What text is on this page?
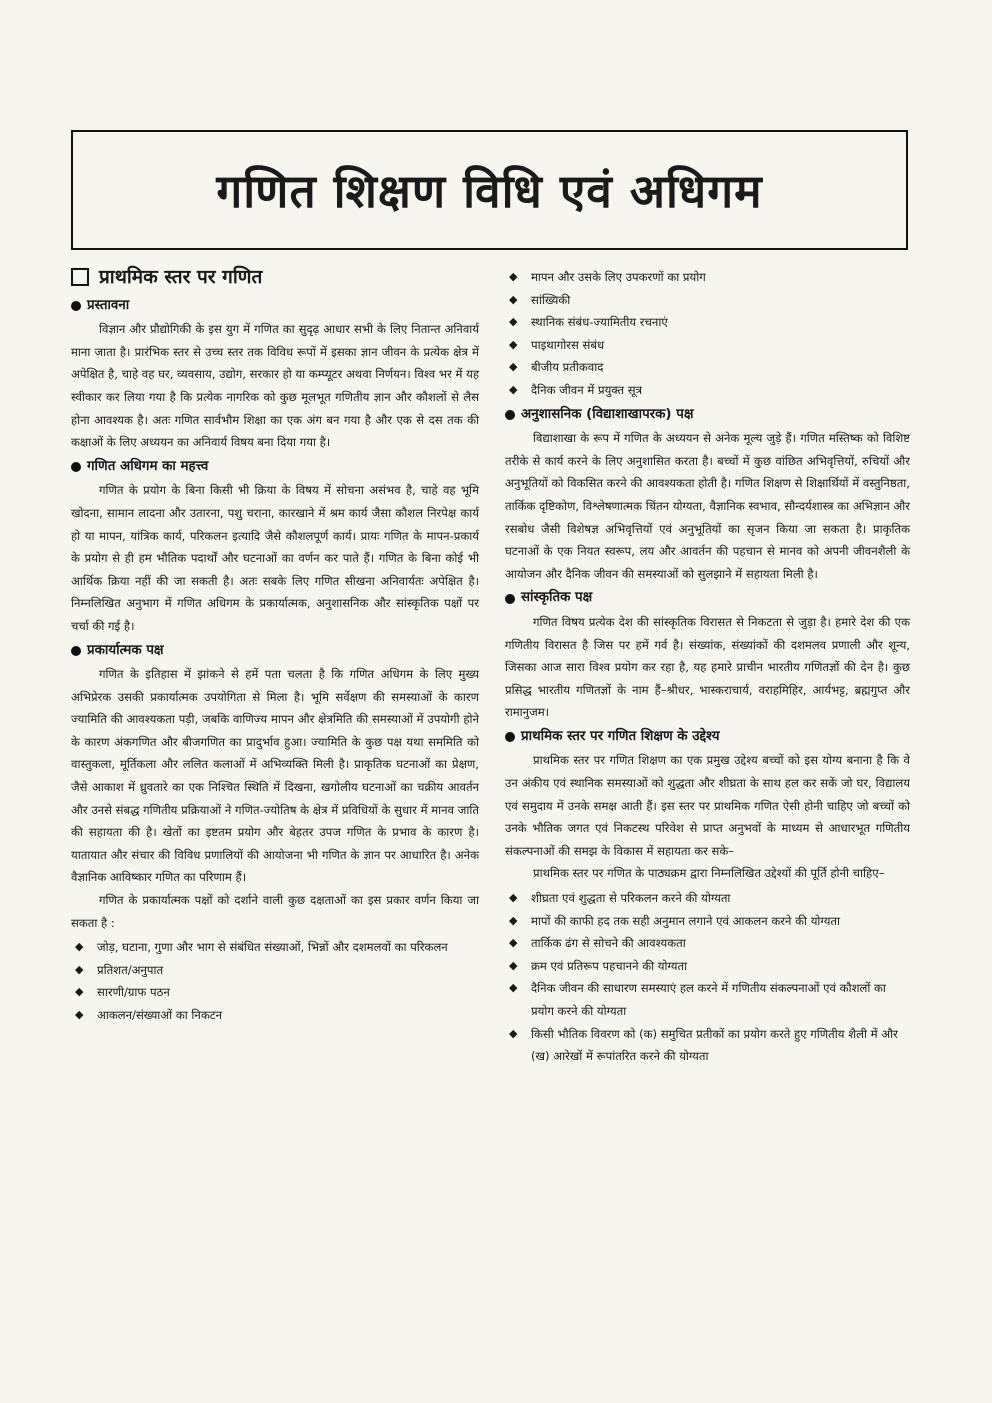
गणित शिक्षण विधि एवं अधिगम
प्राथमिक स्तर पर गणित
प्रस्तावना

विज्ञान और प्रौद्योगिकी के इस युग में गणित का सुदृढ़ आधार सभी के लिए नितान्त अनिवार्य माना जाता है। प्रारंभिक स्तर से उच्च स्तर तक विविध रूपों में इसका ज्ञान जीवन के प्रत्येक क्षेत्र में अपेक्षित है, चाहे वह घर, व्यवसाय, उद्योग, सरकार हो या कम्प्यूटर अथवा निर्णयन। विश्व भर में यह स्वीकार कर लिया गया है कि प्रत्येक नागरिक को कुछ मूलभूत गणितीय ज्ञान और कौशलों से लैस होना आवश्यक है। अतः गणित सार्वभौम शिक्षा का एक अंग बन गया है और एक से दस तक की कक्षाओं के लिए अध्ययन का अनिवार्य विषय बना दिया गया है।

गणित अधिगम का महत्त्व

गणित के प्रयोग के बिना किसी भी क्रिया के विषय में सोचना असंभव है, चाहे वह भूमि खोदना, सामान लादना और उतारना, पशु चराना, कारखाने में श्रम कार्य जैसा कौशल निरपेक्ष कार्य हो या मापन, यांत्रिक कार्य, परिकलन इत्यादि जैसे कौशलपूर्ण कार्य। प्रायः गणित के मापन-प्रकार्य के प्रयोग से ही हम भौतिक पदार्थों और घटनाओं का वर्णन कर पाते हैं। गणित के बिना कोई भी आर्थिक क्रिया नहीं की जा सकती है। अतः सबके लिए गणित सीखना अनिवार्यतः अपेक्षित है। निम्नलिखित अनुभाग में गणित अधिगम के प्रकार्यात्मक, अनुशासनिक और सांस्कृतिक पक्षों पर चर्चा की गई है।

प्रकार्यात्मक पक्ष

गणित के इतिहास में झांकने से हमें पता चलता है कि गणित अधिगम के लिए मुख्य अभिप्रेरक उसकी प्रकार्यात्मक उपयोगिता से मिला है। भूमि सर्वेक्षण की समस्याओं के कारण ज्यामिति की आवश्यकता पड़ी, जबकि वाणिज्य मापन और क्षेत्रमिति की समस्याओं में उपयोगी होने के कारण अंकगणित और बीजगणित का प्रादुर्भाव हुआ। ज्यामिति के कुछ पक्ष यथा सममिति को वास्तुकला, मूर्तिकला और ललित कलाओं में अभिव्यक्ति मिली है। प्राकृतिक घटनाओं का प्रेक्षण, जैसे आकाश में ध्रुवतारे का एक निश्चित स्थिति में दिखना, खगोलीय घटनाओं का चक्रीय आवर्तन और उनसे संबद्ध गणितीय प्रक्रियाओं ने गणित-ज्योतिष के क्षेत्र में प्रविधियों के सुधार में मानव जाति की सहायता की है। खेतों का इष्टतम प्रयोग और बेहतर उपज गणित के प्रभाव के कारण है। यातायात और संचार की विविध प्रणालियों की आयोजना भी गणित के ज्ञान पर आधारित है। अनेक वैज्ञानिक आविष्कार गणित का परिणाम हैं।

गणित के प्रकार्यात्मक पक्षों को दर्शाने वाली कुछ दक्षताओं का इस प्रकार वर्णन किया जा सकता है :

◆ जोड़, घटाना, गुणा और भाग से संबंधित संख्याओं, भिन्नों और दशमलवों का परिकलन
◆ प्रतिशत/अनुपात
◆ सारणी/ग्राफ पठन
◆ आकलन/संख्याओं का निकटन
◆ मापन और उसके लिए उपकरणों का प्रयोग
◆ सांख्यिकी
◆ स्थानिक संबंध-ज्यामितीय रचनाएं
◆ पाइथागोरस संबंध
◆ बीजीय प्रतीकवाद
◆ दैनिक जीवन में प्रयुक्त सूत्र
अनुशासनिक (विद्याशाखापरक) पक्ष

विद्याशाखा के रूप में गणित के अध्ययन से अनेक मूल्य जुड़े हैं। गणित मस्तिष्क को विशिष्ट तरीके से कार्य करने के लिए अनुशासित करता है। बच्चों में कुछ वांछित अभिवृत्तियों, रुचियों और अनुभूतियों को विकसित करने की आवश्यकता होती है। गणित शिक्षण से शिक्षार्थियों में वस्तुनिष्ठता, तार्किक दृष्टिकोण, विश्लेषणात्मक चिंतन योग्यता, वैज्ञानिक स्वभाव, सौन्दर्यशास्त्र का अभिज्ञान और रसबोध जैसी विशेषज्ञ अभिवृत्तियों एवं अनुभूतियों का सृजन किया जा सकता है। प्राकृतिक घटनाओं के एक नियत स्वरूप, लय और आवर्तन की पहचान से मानव को अपनी जीवनशैली के आयोजन और दैनिक जीवन की समस्याओं को सुलझाने में सहायता मिली है।

सांस्कृतिक पक्ष

गणित विषय प्रत्येक देश की सांस्कृतिक विरासत से निकटता से जुड़ा है। हमारे देश की एक गणितीय विरासत है जिस पर हमें गर्व है। संख्यांक, संख्यांकों की दशमलव प्रणाली और शून्य, जिसका आज सारा विश्व प्रयोग कर रहा है, यह हमारे प्राचीन भारतीय गणितज्ञों की देन है। कुछ प्रसिद्ध भारतीय गणितज्ञों के नाम हैं–श्रीधर, भास्कराचार्य, वराहमिहिर, आर्यभट्ट, ब्रह्मगुप्त और रामानुजम।

प्राथमिक स्तर पर गणित शिक्षण के उद्देश्य

प्राथमिक स्तर पर गणित शिक्षण का एक प्रमुख उद्देश्य बच्चों को इस योग्य बनाना है कि वे उन अंकीय एवं स्थानिक समस्याओं को शुद्धता और शीघ्रता के साथ हल कर सकें जो घर, विद्यालय एवं समुदाय में उनके समक्ष आती हैं। इस स्तर पर प्राथमिक गणित ऐसी होनी चाहिए जो बच्चों को उनके भौतिक जगत एवं निकटस्थ परिवेश से प्राप्त अनुभवों के माध्यम से आधारभूत गणितीय संकल्पनाओं की समझ के विकास में सहायता कर सके–

प्राथमिक स्तर पर गणित के पाठ्यक्रम द्वारा निम्नलिखित उद्देश्यों की पूर्ति होनी चाहिए–

◆ शीघ्रता एवं शुद्धता से परिकलन करने की योग्यता
◆ मापों की काफी हद तक सही अनुमान लगाने एवं आकलन करने की योग्यता
◆ तार्किक ढंग से सोचने की आवश्यकता
◆ क्रम एवं प्रतिरूप पहचानने की योग्यता
◆ दैनिक जीवन की साधारण समस्याएं हल करने में गणितीय संकल्पनाओं एवं कौशलों का प्रयोग करने की योग्यता
◆ किसी भौतिक विवरण को (क) समुचित प्रतीकों का प्रयोग करते हुए गणितीय शैली में और (ख) आरेखों में रूपांतरित करने की योग्यता
